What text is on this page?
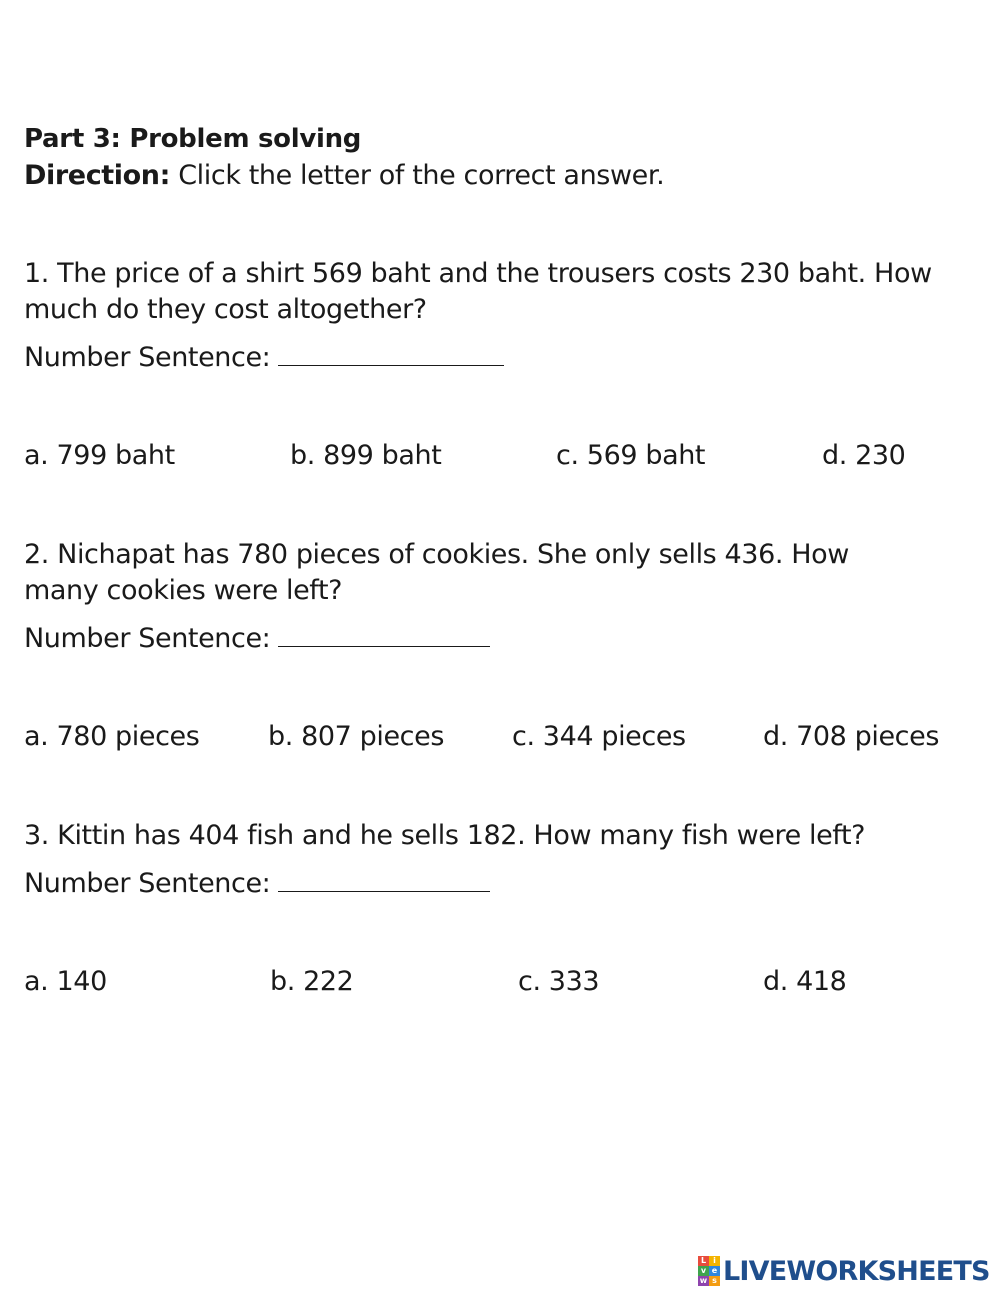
Part 3: Problem solving
Direction: Click the letter of the correct answer.
1. The price of a shirt 569 baht and the trousers costs 230 baht. How
much do they cost altogether?
Number Sentence:
a. 799 baht	b. 899 baht	c. 569 baht	d. 230
2. Nichapat has 780 pieces of cookies. She only sells 436. How
many cookies were left?
Number Sentence:
a. 780 pieces	b. 807 pieces	c. 344 pieces	d. 708 pieces
3. Kittin has 404 fish and he sells 182. How many fish were left?
Number Sentence:
a. 140	b. 222	c. 333	d. 418
L i
v e
w s LIVEWORKSHEETS
